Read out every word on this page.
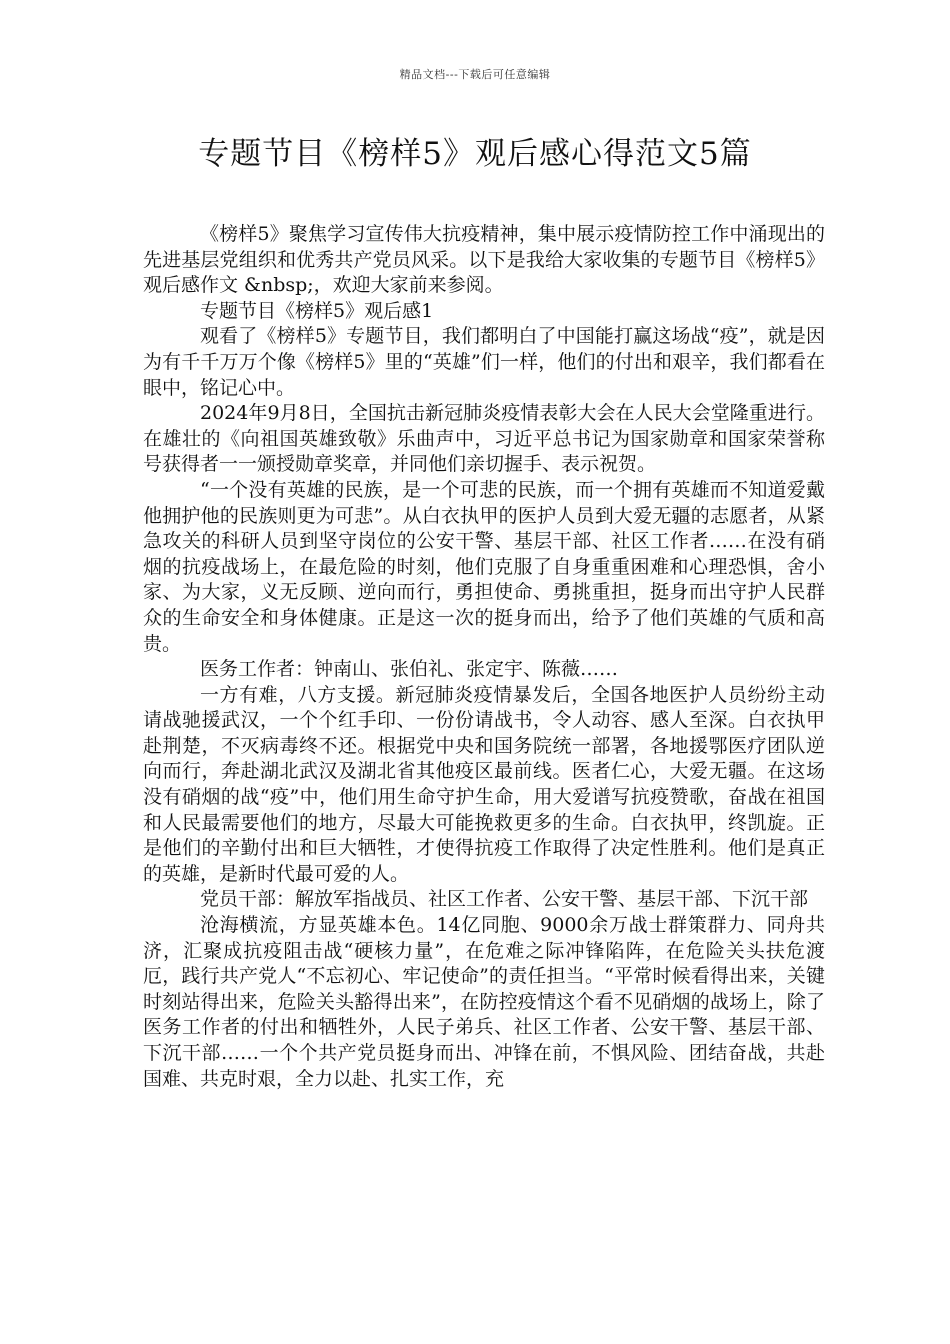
精品文档---下载后可任意编辑
专题节目《榜样5》观后感心得范文5篇

《榜样5》聚焦学习宣传伟大抗疫精神，集中展示疫情防控工作中涌现出的先进基层党组织和优秀共产党员风采。以下是我给大家收集的专题节目《榜样5》观后感作文 &nbsp;，欢迎大家前来参阅。

专题节目《榜样5》观后感1

观看了《榜样5》专题节目，我们都明白了中国能打赢这场战“疫”，就是因为有千千万万个像《榜样5》里的“英雄”们一样，他们的付出和艰辛，我们都看在眼中，铭记心中。

2024年9月8日，全国抗击新冠肺炎疫情表彰大会在人民大会堂隆重进行。在雄壮的《向祖国英雄致敬》乐曲声中，习近平总书记为国家勋章和国家荣誉称号获得者一一颁授勋章奖章，并同他们亲切握手、表示祝贺。

“一个没有英雄的民族，是一个可悲的民族，而一个拥有英雄而不知道爱戴他拥护他的民族则更为可悲”。从白衣执甲的医护人员到大爱无疆的志愿者，从紧急攻关的科研人员到坚守岗位的公安干警、基层干部、社区工作者……在没有硝烟的抗疫战场上，在最危险的时刻，他们克服了自身重重困难和心理恐惧，舍小家、为大家，义无反顾、逆向而行，勇担使命、勇挑重担，挺身而出守护人民群众的生命安全和身体健康。正是这一次的挺身而出，给予了他们英雄的气质和高贵。

医务工作者：钟南山、张伯礼、张定宇、陈薇……

一方有难，八方支援。新冠肺炎疫情暴发后，全国各地医护人员纷纷主动请战驰援武汉，一个个红手印、一份份请战书，令人动容、感人至深。白衣执甲赴荆楚，不灭病毒终不还。根据党中央和国务院统一部署，各地援鄂医疗团队逆向而行，奔赴湖北武汉及湖北省其他疫区最前线。医者仁心，大爱无疆。在这场没有硝烟的战“疫”中，他们用生命守护生命，用大爱谱写抗疫赞歌，奋战在祖国和人民最需要他们的地方，尽最大可能挽救更多的生命。白衣执甲，终凯旋。正是他们的辛勤付出和巨大牺牲，才使得抗疫工作取得了决定性胜利。他们是真正的英雄，是新时代最可爱的人。

党员干部：解放军指战员、社区工作者、公安干警、基层干部、下沉干部

沧海横流，方显英雄本色。14亿同胞、9000余万战士群策群力、同舟共济，汇聚成抗疫阻击战“硬核力量”，在危难之际冲锋陷阵，在危险关头扶危渡厄，践行共产党人“不忘初心、牢记使命”的责任担当。“平常时候看得出来，关键时刻站得出来，危险关头豁得出来”，在防控疫情这个看不见硝烟的战场上，除了医务工作者的付出和牺牲外，人民子弟兵、社区工作者、公安干警、基层干部、下沉干部……一个个共产党员挺身而出、冲锋在前，不惧风险、团结奋战，共赴国难、共克时艰，全力以赴、扎实工作，充
